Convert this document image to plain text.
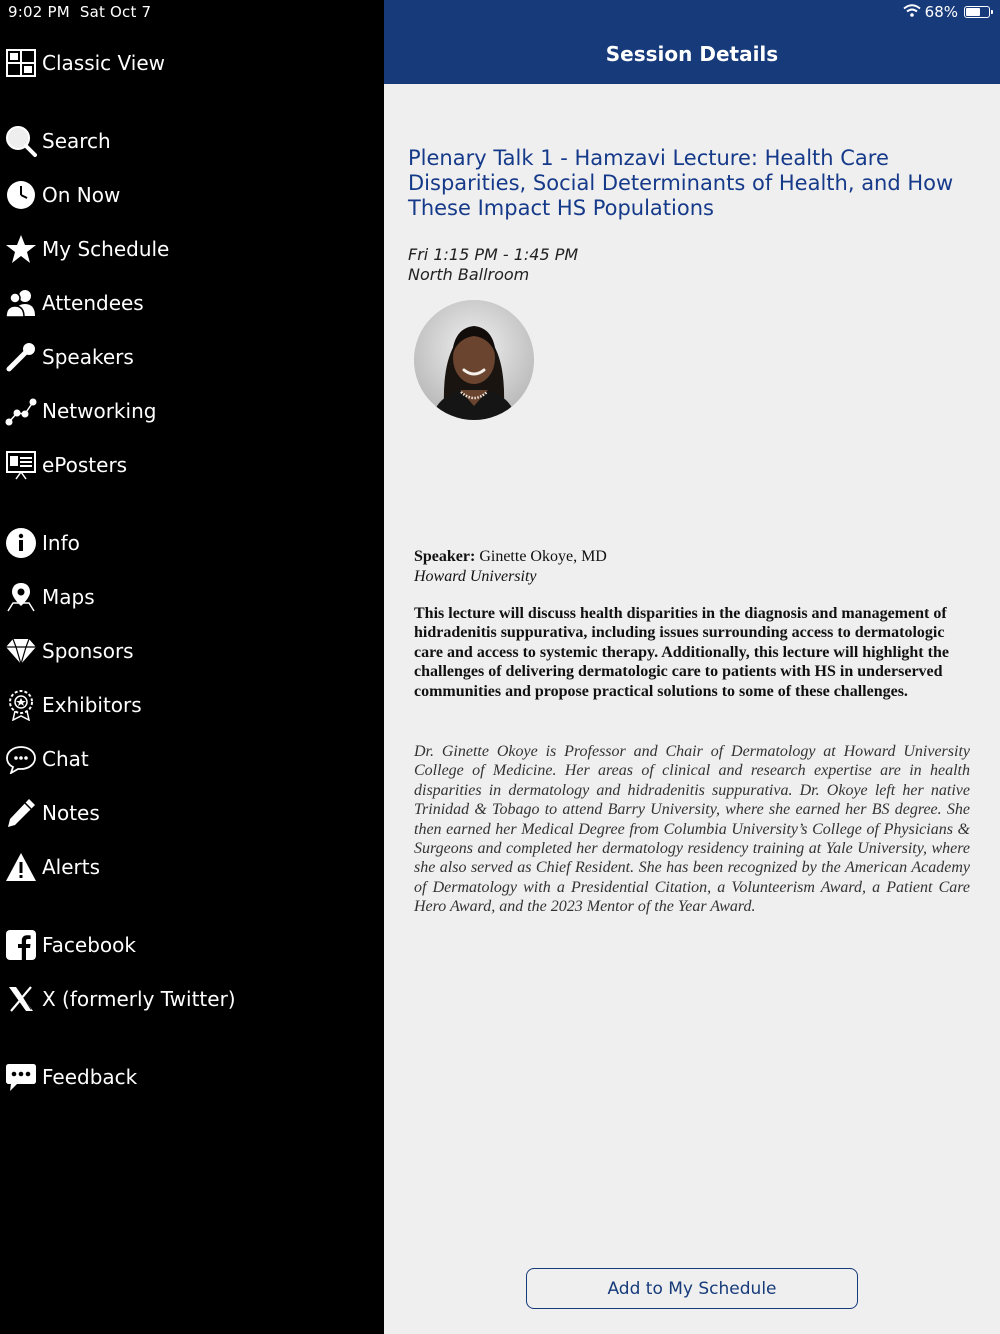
9:02 PM Sat Oct 7
Classic View
Search
On Now
My Schedule
Attendees
Speakers
Networking
ePosters
Info
Maps
Sponsors
Exhibitors
Chat
Notes
Alerts
Facebook
X (formerly Twitter)
Feedback
68%
Session Details
Plenary Talk 1 - Hamzavi Lecture: Health Care Disparities, Social Determinants of Health, and How These Impact HS Populations
Fri 1:15 PM - 1:45 PM
North Ballroom
Speaker: Ginette Okoye, MD
Howard University
This lecture will discuss health disparities in the diagnosis and management of hidradenitis suppurativa, including issues surrounding access to dermatologic care and access to systemic therapy. Additionally, this lecture will highlight the challenges of delivering dermatologic care to patients with HS in underserved communities and propose practical solutions to some of these challenges.
Dr. Ginette Okoye is Professor and Chair of Dermatology at Howard University College of Medicine. Her areas of clinical and research expertise are in health disparities in dermatology and hidradenitis suppurativa. Dr. Okoye left her native Trinidad & Tobago to attend Barry University, where she earned her BS degree. She then earned her Medical Degree from Columbia University’s College of Physicians & Surgeons and completed her dermatology residency training at Yale University, where she also served as Chief Resident. She has been recognized by the American Academy of Dermatology with a Presidential Citation, a Volunteerism Award, a Patient Care Hero Award, and the 2023 Mentor of the Year Award.
Add to My Schedule
